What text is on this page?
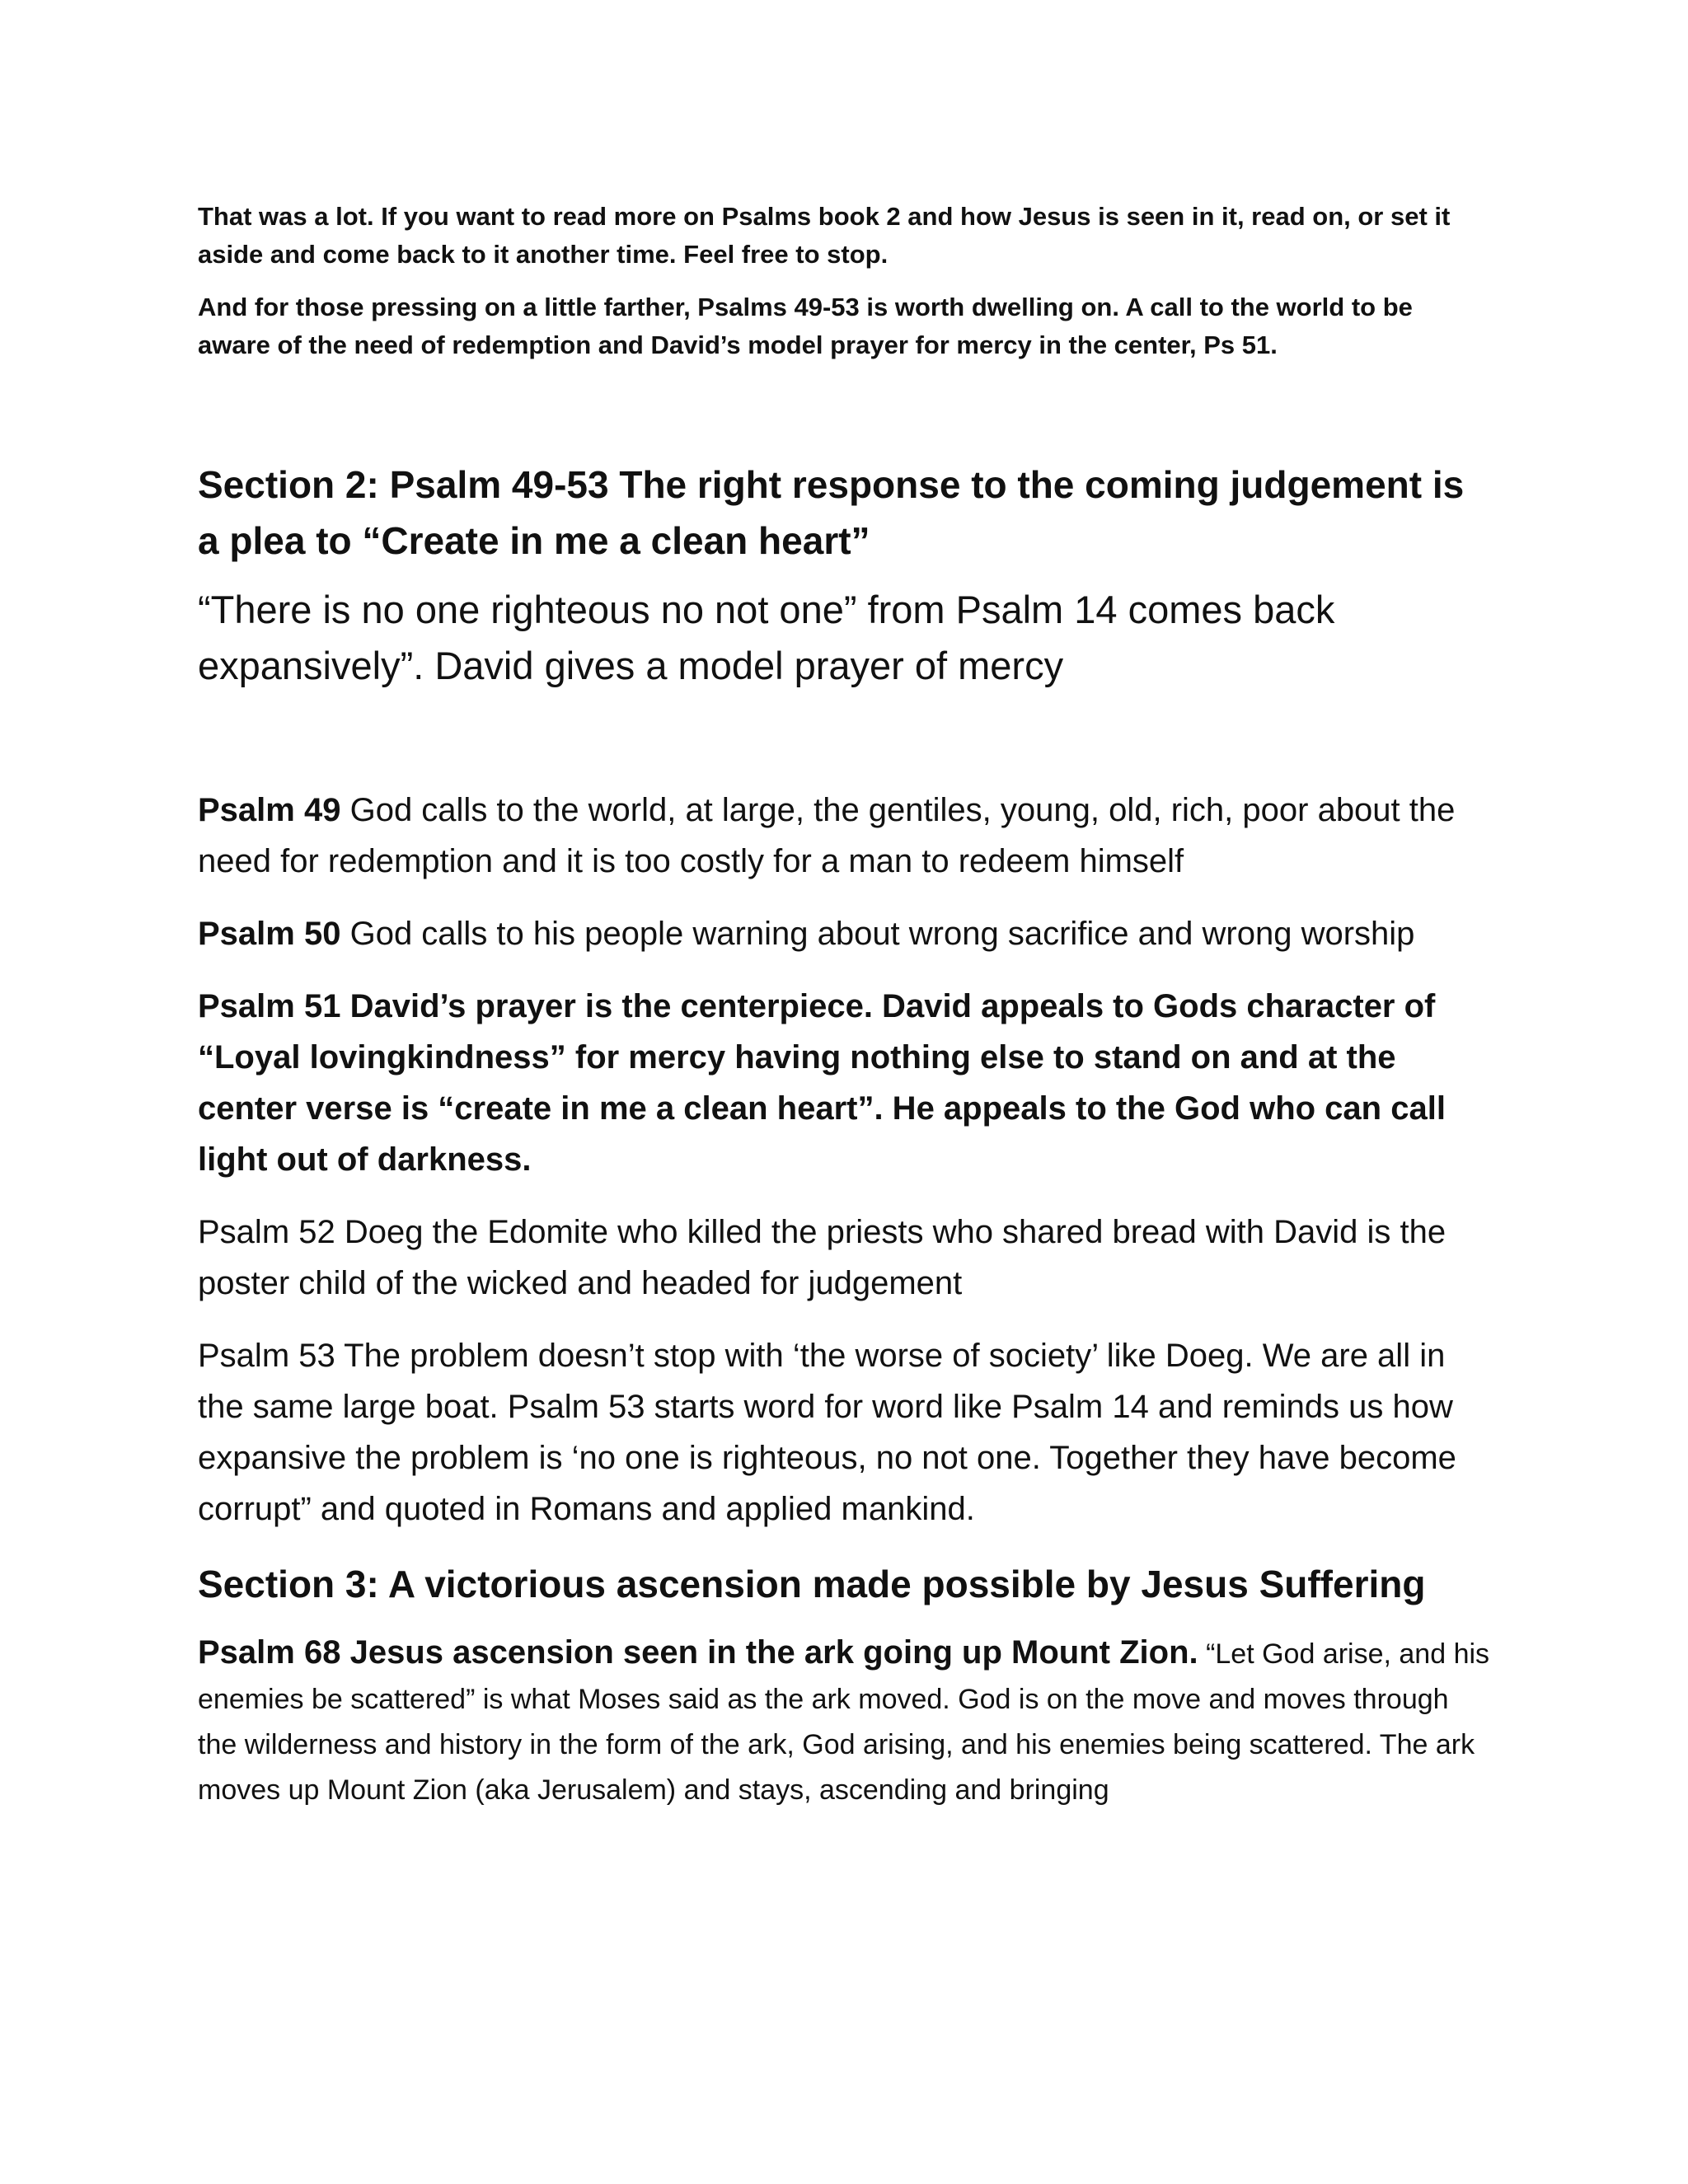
That was a lot. If you want to read more on Psalms book 2 and how Jesus is seen in it, read on, or set it aside and come back to it another time. Feel free to stop.

And for those pressing on a little farther, Psalms 49-53 is worth dwelling on. A call to the world to be aware of the need of redemption and David’s model prayer for mercy in the center, Ps 51.

Section 2: Psalm 49-53 The right response to the coming judgement is a plea to “Create in me a clean heart”

“There is no one righteous no not one” from Psalm 14 comes back expansively”. David gives a model prayer of mercy

Psalm 49 God calls to the world, at large, the gentiles, young, old, rich, poor about the need for redemption and it is too costly for a man to redeem himself

Psalm 50 God calls to his people warning about wrong sacrifice and wrong worship

Psalm 51 David’s prayer is the centerpiece. David appeals to Gods character of “Loyal lovingkindness” for mercy having nothing else to stand on and at the center verse is “create in me a clean heart”. He appeals to the God who can call light out of darkness.

Psalm 52 Doeg the Edomite who killed the priests who shared bread with David is the poster child of the wicked and headed for judgement

Psalm 53 The problem doesn’t stop with ‘the worse of society’ like Doeg. We are all in the same large boat. Psalm 53 starts word for word like Psalm 14 and reminds us how expansive the problem is ‘no one is righteous, no not one. Together they have become corrupt” and quoted in Romans and applied mankind.

Section 3: A victorious ascension made possible by Jesus Suffering

Psalm 68 Jesus ascension seen in the ark going up Mount Zion. “Let God arise, and his enemies be scattered” is what Moses said as the ark moved. God is on the move and moves through the wilderness and history in the form of the ark, God arising, and his enemies being scattered. The ark moves up Mount Zion (aka Jerusalem) and stays, ascending and bringing
